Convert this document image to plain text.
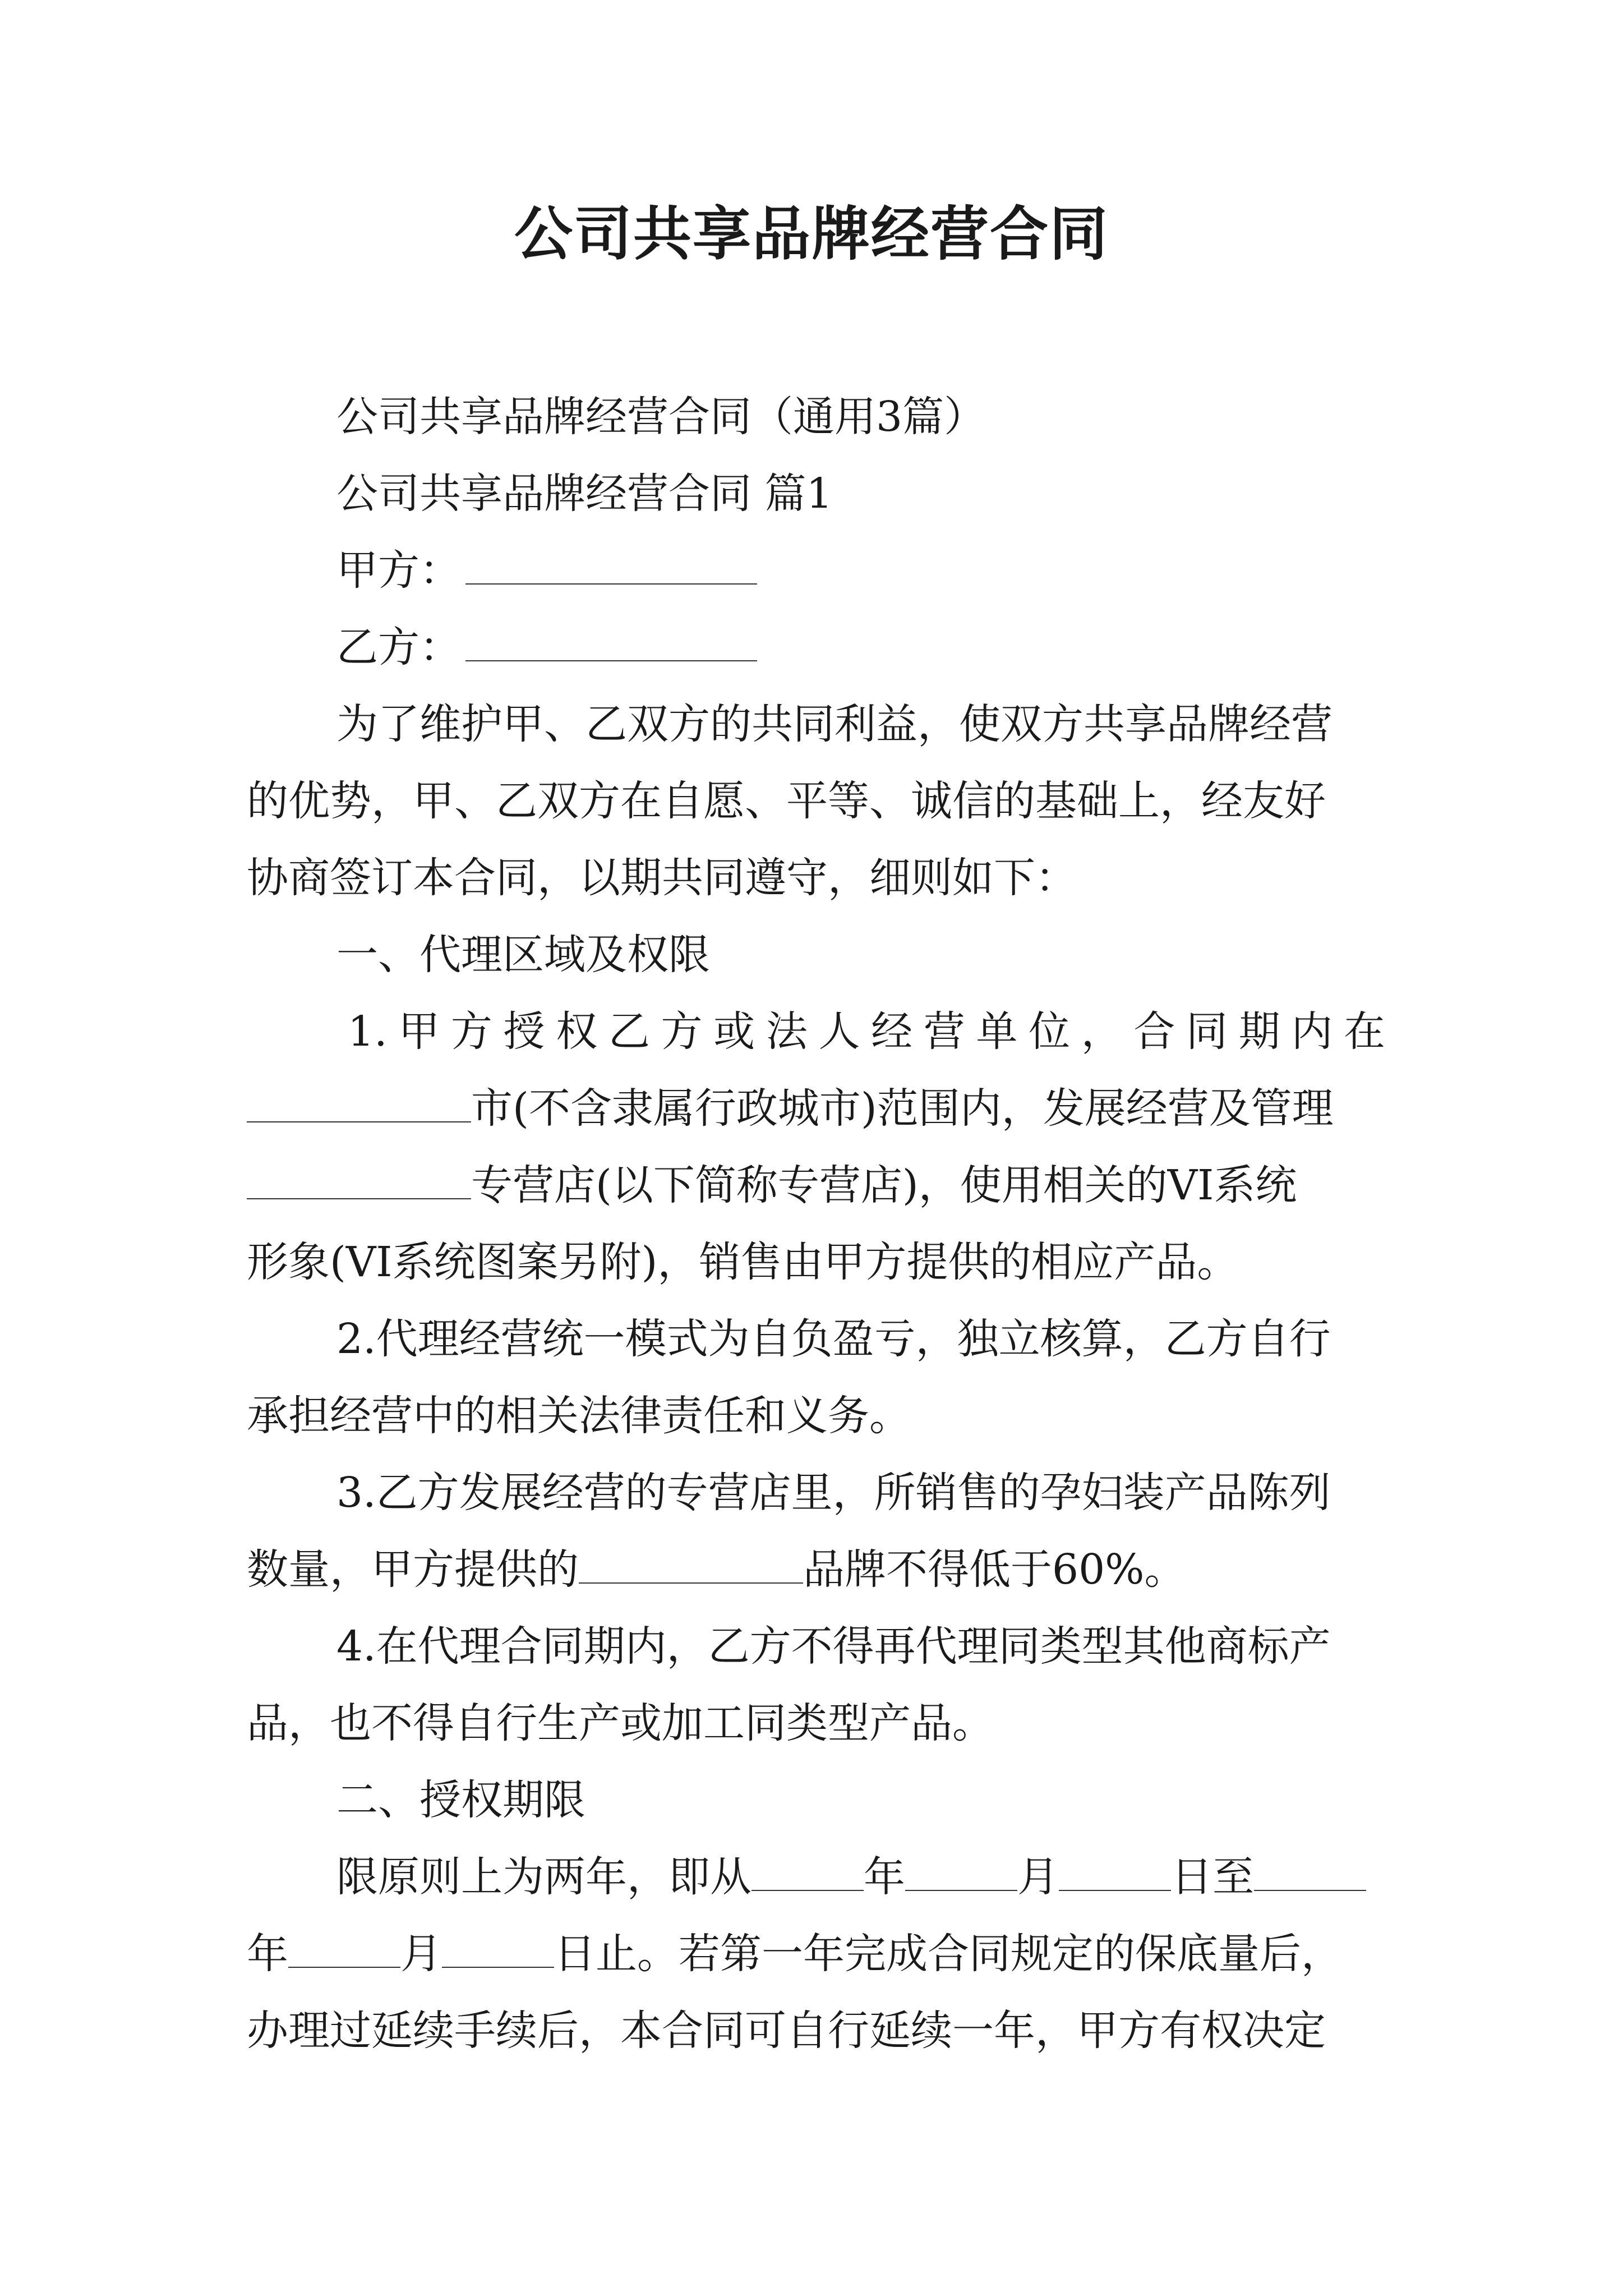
公司共享品牌经营合同
公司共享品牌经营合同（通用3篇）
公司共享品牌经营合同 篇1
甲方：
乙方：
为了维护甲、乙双方的共同利益，使双方共享品牌经营
的优势，甲、乙双方在自愿、平等、诚信的基础上，经友好
协商签订本合同，以期共同遵守，细则如下：
一、代理区域及权限
1.甲方授权乙方或法人经营单位，合同期内在
市(不含隶属行政城市)范围内，发展经营及管理
专营店(以下简称专营店)，使用相关的VI系统
形象(VI系统图案另附)，销售由甲方提供的相应产品。
2.代理经营统一模式为自负盈亏，独立核算，乙方自行
承担经营中的相关法律责任和义务。
3.乙方发展经营的专营店里，所销售的孕妇装产品陈列
数量，甲方提供的	品牌不得低于60%。
4.在代理合同期内，乙方不得再代理同类型其他商标产
品，也不得自行生产或加工同类型产品。
二、授权期限
限原则上为两年，即从	年	月	日至
年	月	日止。若第一年完成合同规定的保底量后，
办理过延续手续后，本合同可自行延续一年，甲方有权决定
